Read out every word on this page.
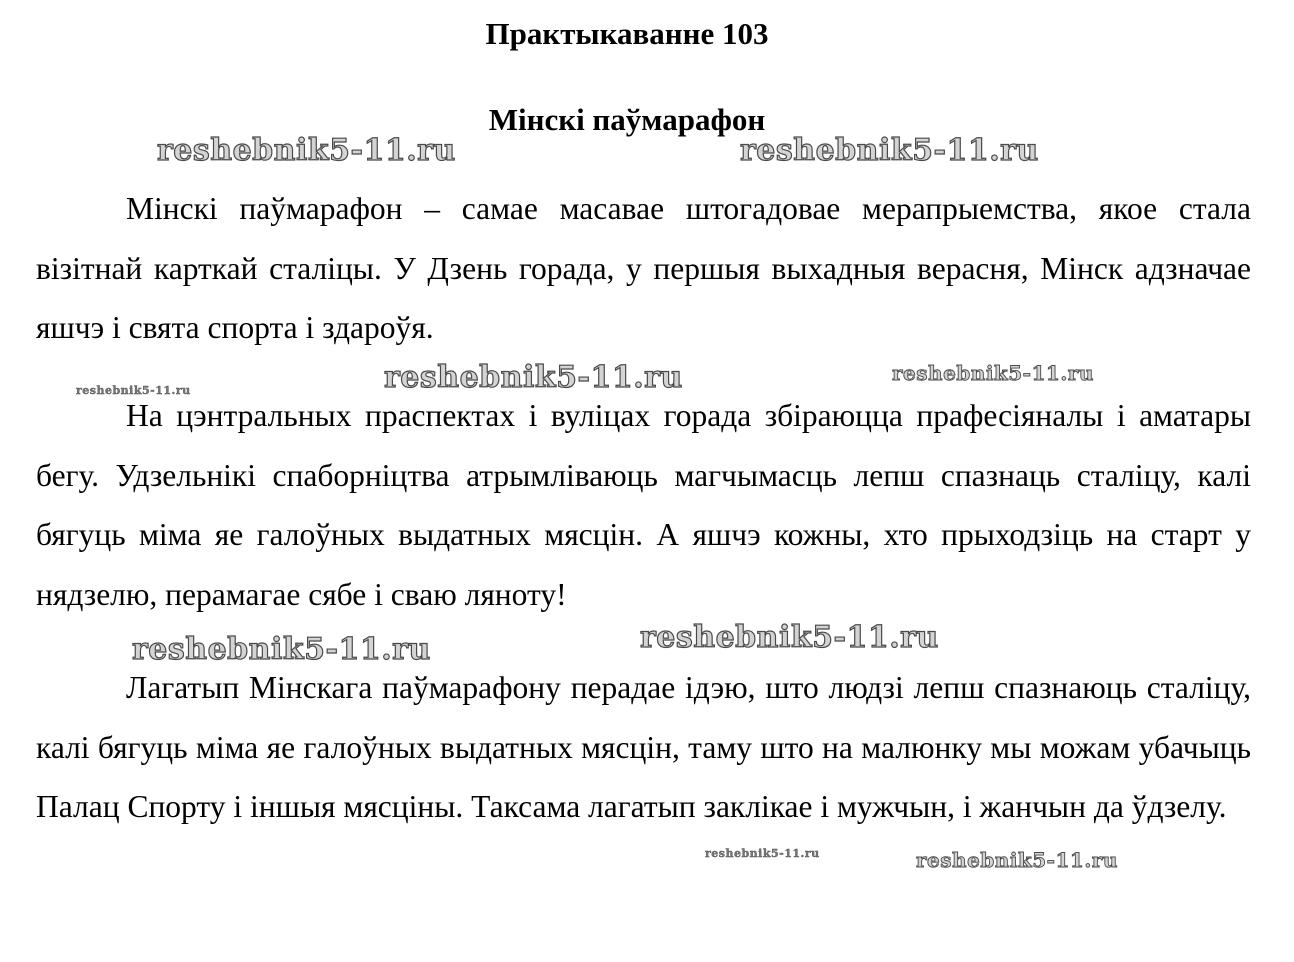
Практыкаванне 103
Мінскі паўмарафон

Мінскі паўмарафон – самае масавае штогадовае мерапрыемства, якое стала візітнай карткай сталіцы. У Дзень горада, у першыя выхадныя верасня, Мінск адзначае яшчэ і свята спорта і здароўя.

На цэнтральных праспектах і вуліцах горада збіраюцца прафесіяналы і аматары бегу. Удзельнікі спаборніцтва атрымліваюць магчымасць лепш спазнаць сталіцу, калі бягуць міма яе галоўных выдатных мясцін. А яшчэ кожны, хто прыходзіць на старт у нядзелю, перамагае сябе і сваю ляноту!

Лагатып Мінскага паўмарафону перадае ідэю, што людзі лепш спазнаюць сталіцу, калі бягуць міма яе галоўных выдатных мясцін, таму што на малюнку мы можам убачыць Палац Спорту і іншыя мясціны. Таксама лагатып заклікае і мужчын, і жанчын да ўдзелу.

reshebnik5-11.ru	reshebnik5-11.ru
reshebnik5-11.ru	reshebnik5-11.ru	reshebnik5-11.ru
reshebnik5-11.ru	reshebnik5-11.ru
reshebnik5-11.ru	reshebnik5-11.ru
